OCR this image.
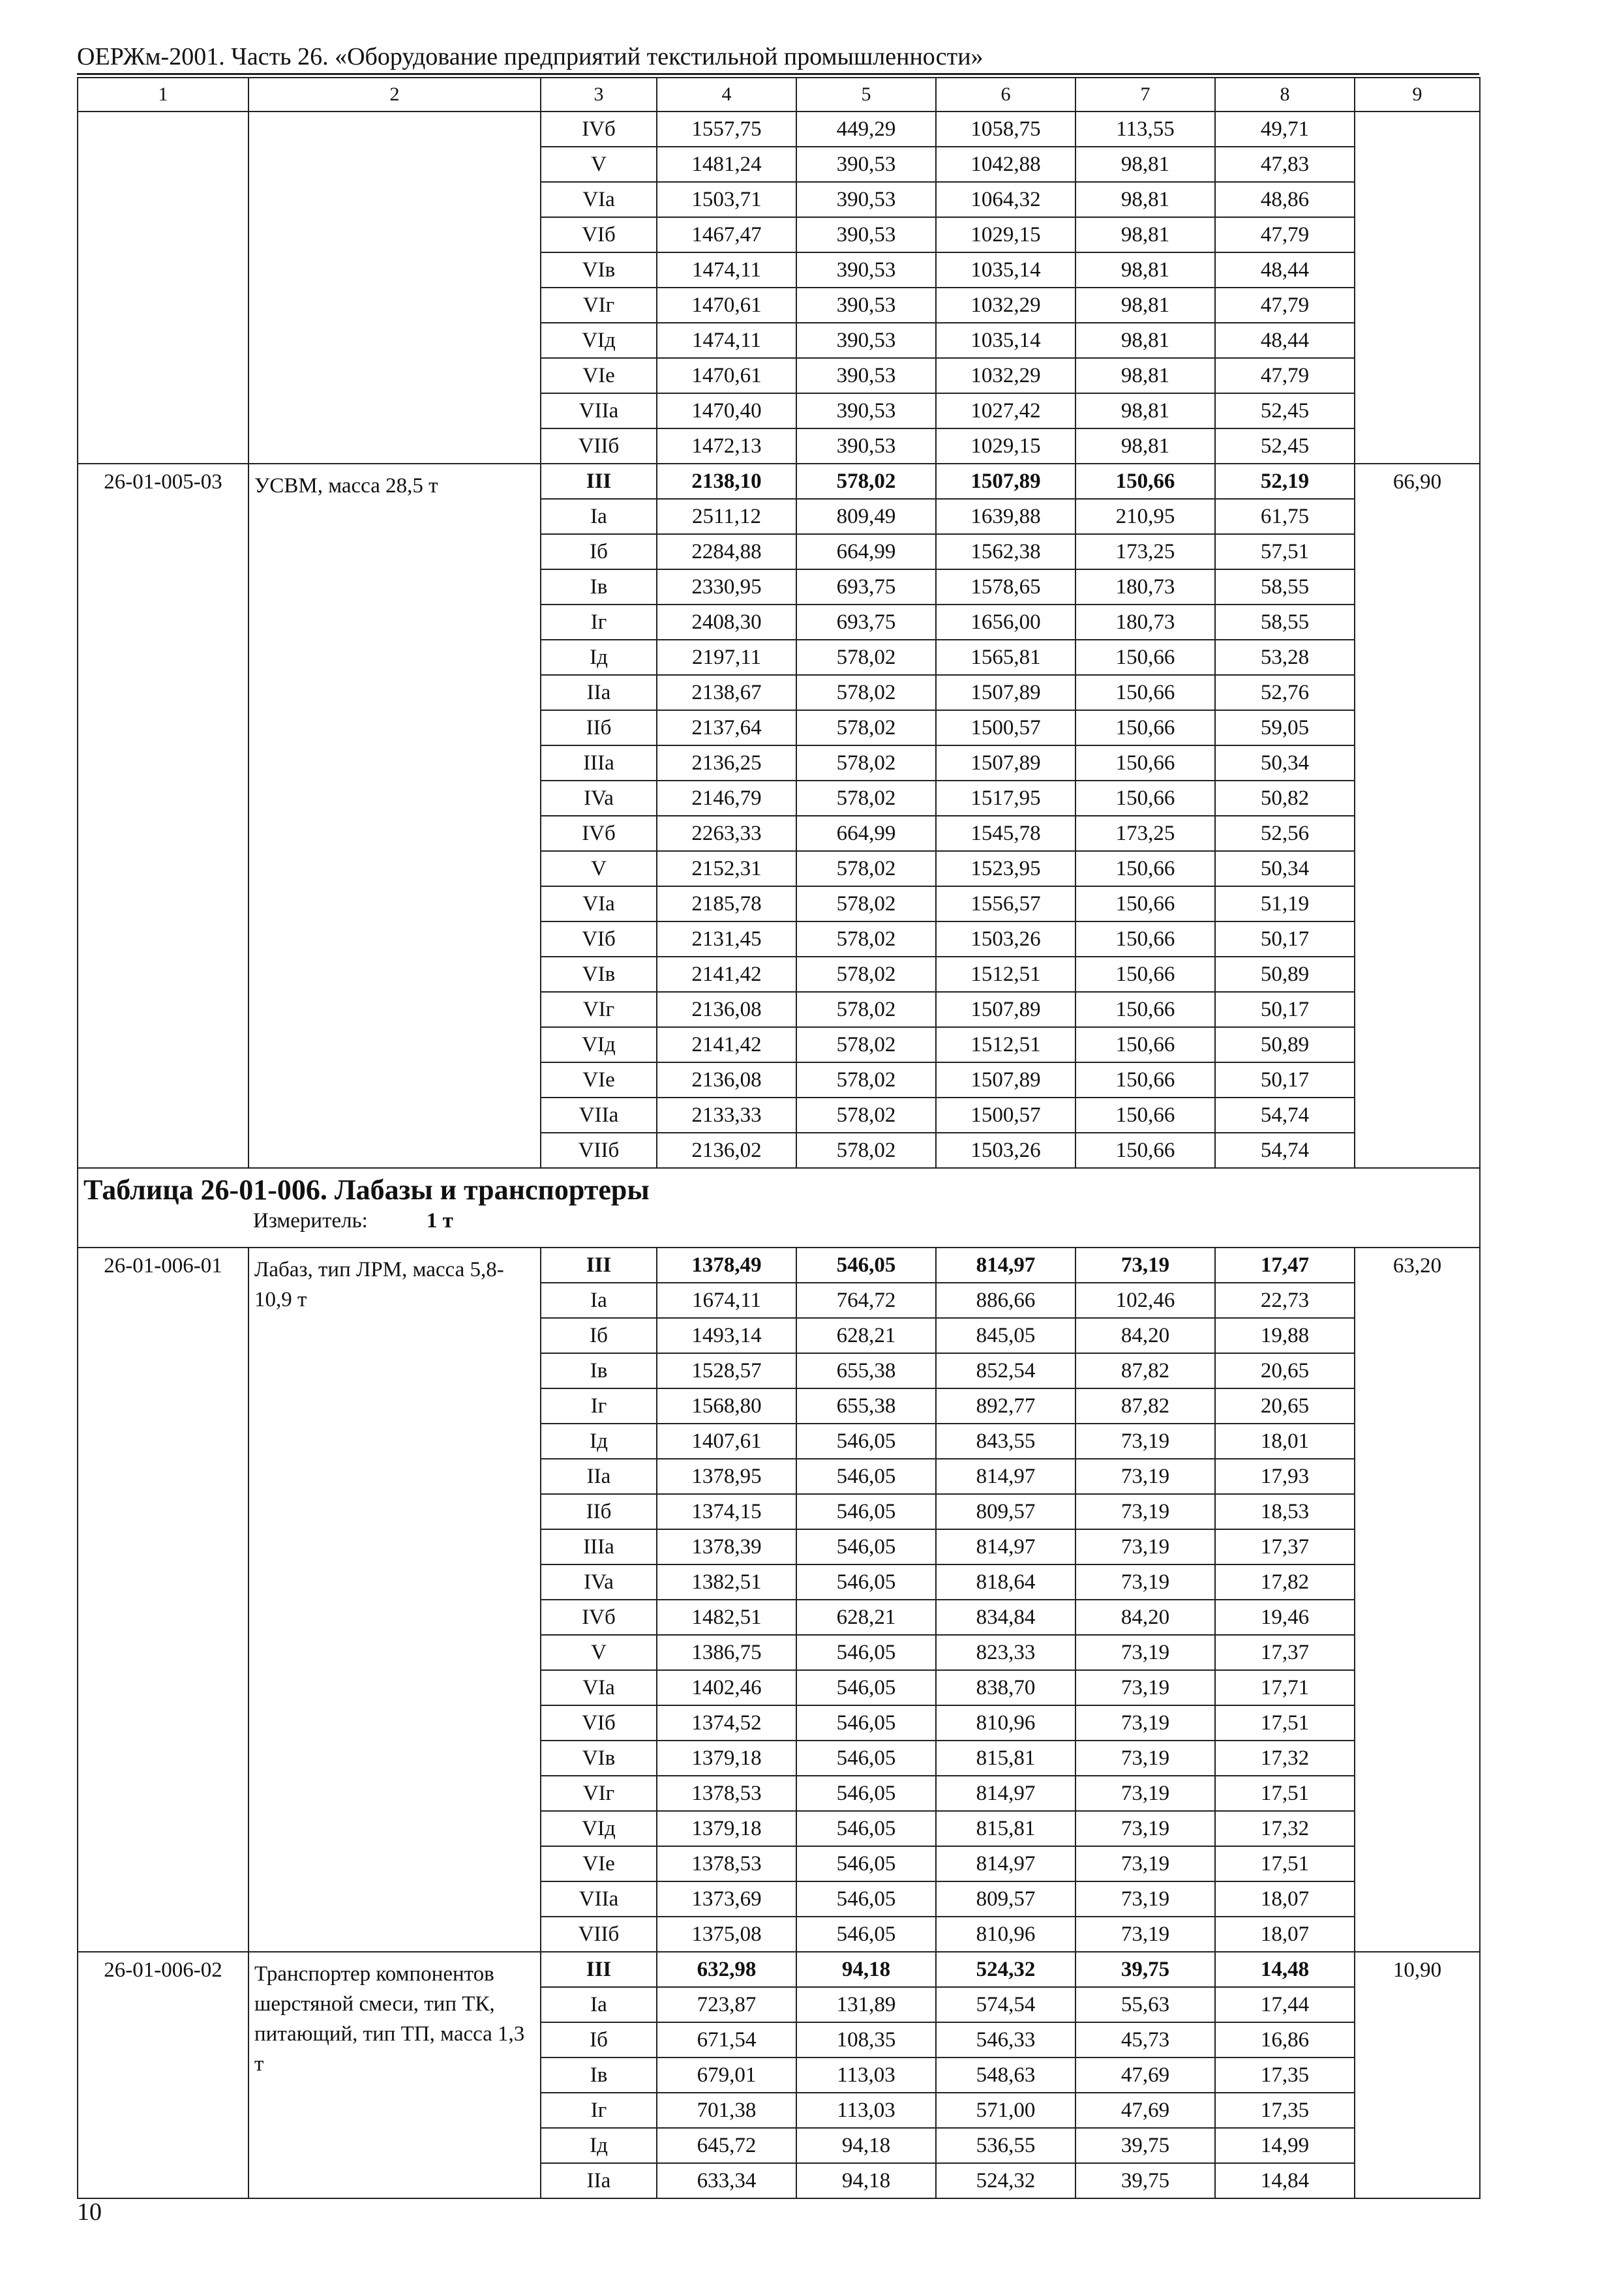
ОЕРЖм-2001. Часть 26. «Оборудование предприятий текстильной промышленности»
1	2	3	4	5	6	7	8	9
		IVб	1557,75	449,29	1058,75	113,55	49,71	
		V	1481,24	390,53	1042,88	98,81	47,83	
		VIa	1503,71	390,53	1064,32	98,81	48,86	
		VIб	1467,47	390,53	1029,15	98,81	47,79	
		VIв	1474,11	390,53	1035,14	98,81	48,44	
		VIг	1470,61	390,53	1032,29	98,81	47,79	
		VIд	1474,11	390,53	1035,14	98,81	48,44	
		VIe	1470,61	390,53	1032,29	98,81	47,79	
		VIIa	1470,40	390,53	1027,42	98,81	52,45	
		VIIб	1472,13	390,53	1029,15	98,81	52,45	
26-01-005-03	УСВМ, масса 28,5 т	III	2138,10	578,02	1507,89	150,66	52,19	66,90
		Ia	2511,12	809,49	1639,88	210,95	61,75	
		Iб	2284,88	664,99	1562,38	173,25	57,51	
		Iв	2330,95	693,75	1578,65	180,73	58,55	
		Iг	2408,30	693,75	1656,00	180,73	58,55	
		Iд	2197,11	578,02	1565,81	150,66	53,28	
		IIa	2138,67	578,02	1507,89	150,66	52,76	
		IIб	2137,64	578,02	1500,57	150,66	59,05	
		IIIa	2136,25	578,02	1507,89	150,66	50,34	
		IVa	2146,79	578,02	1517,95	150,66	50,82	
		IVб	2263,33	664,99	1545,78	173,25	52,56	
		V	2152,31	578,02	1523,95	150,66	50,34	
		VIa	2185,78	578,02	1556,57	150,66	51,19	
		VIб	2131,45	578,02	1503,26	150,66	50,17	
		VIв	2141,42	578,02	1512,51	150,66	50,89	
		VIг	2136,08	578,02	1507,89	150,66	50,17	
		VIд	2141,42	578,02	1512,51	150,66	50,89	
		VIe	2136,08	578,02	1507,89	150,66	50,17	
		VIIa	2133,33	578,02	1500,57	150,66	54,74	
		VIIб	2136,02	578,02	1503,26	150,66	54,74	

Таблица 26-01-006. Лабазы и транспортеры
Измеритель: 1 т								

26-01-006-01	Лабаз, тип ЛРМ, масса 5,8-10,9 т	III	1378,49	546,05	814,97	73,19	17,47	63,20
		Ia	1674,11	764,72	886,66	102,46	22,73	
		Iб	1493,14	628,21	845,05	84,20	19,88	
		Iв	1528,57	655,38	852,54	87,82	20,65	
		Iг	1568,80	655,38	892,77	87,82	20,65	
		Iд	1407,61	546,05	843,55	73,19	18,01	
		IIa	1378,95	546,05	814,97	73,19	17,93	
		IIб	1374,15	546,05	809,57	73,19	18,53	
		IIIa	1378,39	546,05	814,97	73,19	17,37	
		IVa	1382,51	546,05	818,64	73,19	17,82	
		IVб	1482,51	628,21	834,84	84,20	19,46	
		V	1386,75	546,05	823,33	73,19	17,37	
		VIa	1402,46	546,05	838,70	73,19	17,71	
		VIб	1374,52	546,05	810,96	73,19	17,51	
		VIв	1379,18	546,05	815,81	73,19	17,32	
		VIг	1378,53	546,05	814,97	73,19	17,51	
		VIд	1379,18	546,05	815,81	73,19	17,32	
		VIe	1378,53	546,05	814,97	73,19	17,51	
		VIIa	1373,69	546,05	809,57	73,19	18,07	
		VIIб	1375,08	546,05	810,96	73,19	18,07	
26-01-006-02	Транспортер компонентов шерстяной смеси, тип ТК, питающий, тип ТП, масса 1,3 т	III	632,98	94,18	524,32	39,75	14,48	10,90
		Ia	723,87	131,89	574,54	55,63	17,44	
		Iб	671,54	108,35	546,33	45,73	16,86	
		Iв	679,01	113,03	548,63	47,69	17,35	
		Iг	701,38	113,03	571,00	47,69	17,35	
		Iд	645,72	94,18	536,55	39,75	14,99	
		IIa	633,34	94,18	524,32	39,75	14,84	
10
